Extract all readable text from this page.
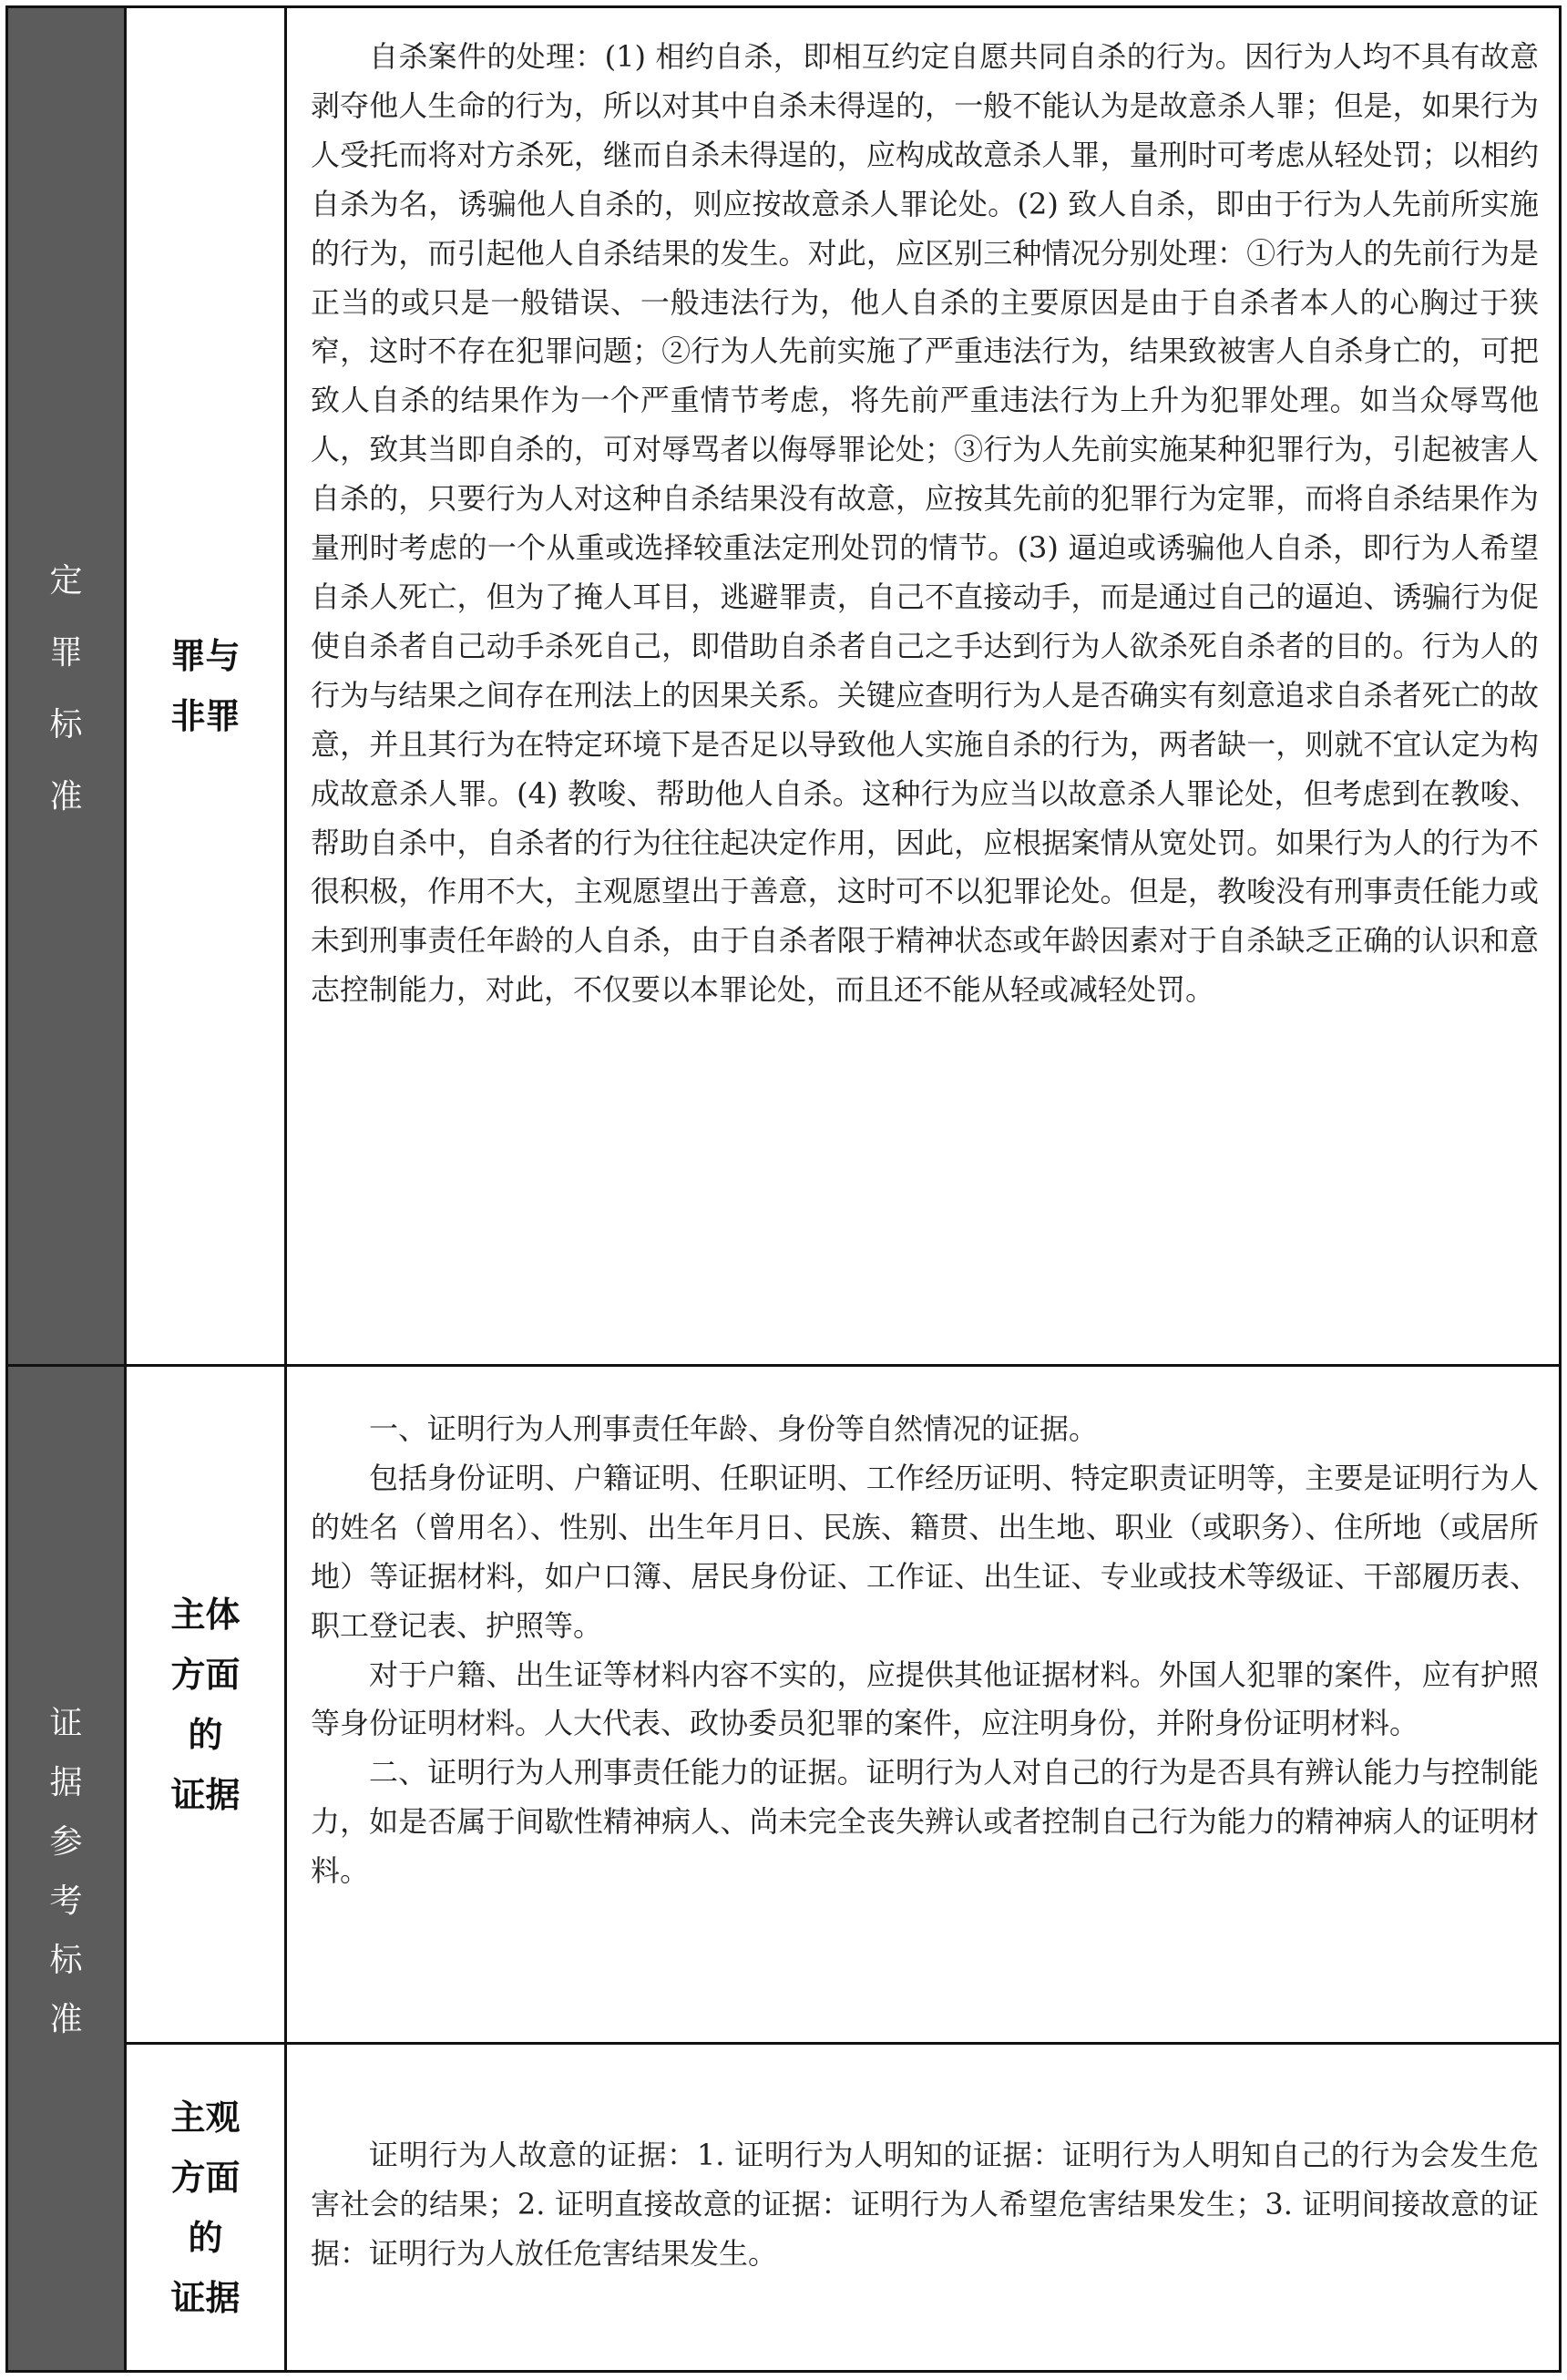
定
罪
标
准
罪与
非罪

自杀案件的处理：(1) 相约自杀，即相互约定自愿共同自杀的行为。因行为人均不具有故意剥夺他人生命的行为，所以对其中自杀未得逞的，一般不能认为是故意杀人罪；但是，如果行为人受托而将对方杀死，继而自杀未得逞的，应构成故意杀人罪，量刑时可考虑从轻处罚；以相约自杀为名，诱骗他人自杀的，则应按故意杀人罪论处。(2) 致人自杀，即由于行为人先前所实施的行为，而引起他人自杀结果的发生。对此，应区别三种情况分别处理：①行为人的先前行为是正当的或只是一般错误、一般违法行为，他人自杀的主要原因是由于自杀者本人的心胸过于狭窄，这时不存在犯罪问题；②行为人先前实施了严重违法行为，结果致被害人自杀身亡的，可把致人自杀的结果作为一个严重情节考虑，将先前严重违法行为上升为犯罪处理。如当众辱骂他人，致其当即自杀的，可对辱骂者以侮辱罪论处；③行为人先前实施某种犯罪行为，引起被害人自杀的，只要行为人对这种自杀结果没有故意，应按其先前的犯罪行为定罪，而将自杀结果作为量刑时考虑的一个从重或选择较重法定刑处罚的情节。(3) 逼迫或诱骗他人自杀，即行为人希望自杀人死亡，但为了掩人耳目，逃避罪责，自己不直接动手，而是通过自己的逼迫、诱骗行为促使自杀者自己动手杀死自己，即借助自杀者自己之手达到行为人欲杀死自杀者的目的。行为人的行为与结果之间存在刑法上的因果关系。关键应查明行为人是否确实有刻意追求自杀者死亡的故意，并且其行为在特定环境下是否足以导致他人实施自杀的行为，两者缺一，则就不宜认定为构成故意杀人罪。(4) 教唆、帮助他人自杀。这种行为应当以故意杀人罪论处，但考虑到在教唆、帮助自杀中，自杀者的行为往往起决定作用，因此，应根据案情从宽处罚。如果行为人的行为不很积极，作用不大，主观愿望出于善意，这时可不以犯罪论处。但是，教唆没有刑事责任能力或未到刑事责任年龄的人自杀，由于自杀者限于精神状态或年龄因素对于自杀缺乏正确的认识和意志控制能力，对此，不仅要以本罪论处，而且还不能从轻或减轻处罚。

证
据
参
考
标
准
主体
方面
的
证据

一、证明行为人刑事责任年龄、身份等自然情况的证据。

包括身份证明、户籍证明、任职证明、工作经历证明、特定职责证明等，主要是证明行为人的姓名（曾用名）、性别、出生年月日、民族、籍贯、出生地、职业（或职务）、住所地（或居所地）等证据材料，如户口簿、居民身份证、工作证、出生证、专业或技术等级证、干部履历表、职工登记表、护照等。

对于户籍、出生证等材料内容不实的，应提供其他证据材料。外国人犯罪的案件，应有护照等身份证明材料。人大代表、政协委员犯罪的案件，应注明身份，并附身份证明材料。

二、证明行为人刑事责任能力的证据。证明行为人对自己的行为是否具有辨认能力与控制能力，如是否属于间歇性精神病人、尚未完全丧失辨认或者控制自己行为能力的精神病人的证明材料。

主观
方面
的
证据

证明行为人故意的证据：1. 证明行为人明知的证据：证明行为人明知自己的行为会发生危害社会的结果；2. 证明直接故意的证据：证明行为人希望危害结果发生；3. 证明间接故意的证据：证明行为人放任危害结果发生。
